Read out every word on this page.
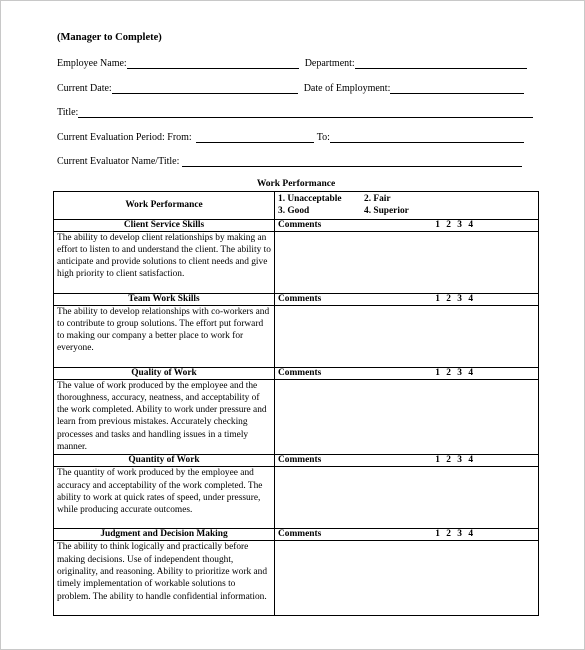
(Manager to Complete)
Employee Name:	Department:
Current Date:	Date of Employment:
Title:
Current Evaluation Period: From:	To:
Current Evaluator Name/Title:
Work Performance
Work Performance	1. Unacceptable 2. Fair
3. Good 4. Superior

Client Service Skills	Comments 1 2 3 4

The ability to develop client relationships by making an effort to listen to and understand the client. The ability to anticipate and provide solutions to client needs and give high priority to client satisfaction.	
Team Work Skills	Comments 1 2 3 4

The ability to develop relationships with co-workers and to contribute to group solutions. The effort put forward to making our company a better place to work for everyone.	
Quality of Work	Comments 1 2 3 4

The value of work produced by the employee and the thoroughness, accuracy, neatness, and acceptability of the work completed. Ability to work under pressure and learn from previous mistakes. Accurately checking processes and tasks and handling issues in a timely manner.	
Quantity of Work	Comments 1 2 3 4

The quantity of work produced by the employee and accuracy and acceptability of the work completed. The ability to work at quick rates of speed, under pressure, while producing accurate outcomes.	
Judgment and Decision Making	Comments 1 2 3 4

The ability to think logically and practically before making decisions. Use of independent thought, originality, and reasoning. Ability to prioritize work and timely implementation of workable solutions to problem. The ability to handle confidential information.	
